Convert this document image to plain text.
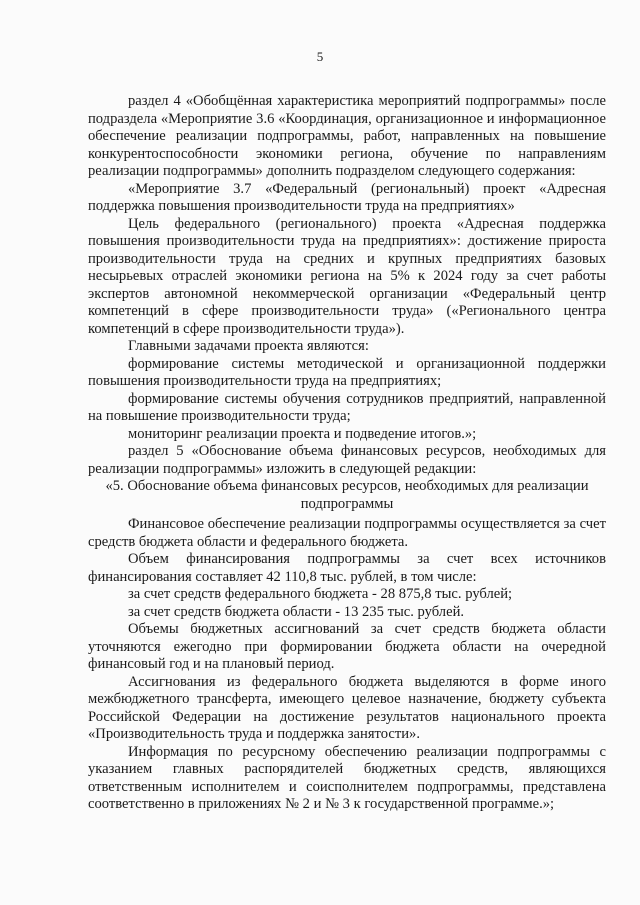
5

раздел 4 «Обобщённая характеристика мероприятий подпрограммы» после подраздела «Мероприятие 3.6 «Координация, организационное и информационное обеспечение реализации подпрограммы, работ, направленных на повышение конкурентоспособности экономики региона, обучение по направлениям реализации подпрограммы» дополнить подразделом следующего содержания:

«Мероприятие 3.7 «Федеральный (региональный) проект «Адресная поддержка повышения производительности труда на предприятиях»

Цель федерального (регионального) проекта «Адресная поддержка повышения производительности труда на предприятиях»: достижение прироста производительности труда на средних и крупных предприятиях базовых несырьевых отраслей экономики региона на 5% к 2024 году за счет работы экспертов автономной некоммерческой организации «Федеральный центр компетенций в сфере производительности труда» («Регионального центра компетенций в сфере производительности труда»).

Главными задачами проекта являются:

формирование системы методической и организационной поддержки повышения производительности труда на предприятиях;

формирование системы обучения сотрудников предприятий, направленной на повышение производительности труда;

мониторинг реализации проекта и подведение итогов.»;

раздел 5 «Обоснование объема финансовых ресурсов, необходимых для реализации подпрограммы» изложить в следующей редакции:

«5. Обоснование объема финансовых ресурсов, необходимых для реализации подпрограммы

Финансовое обеспечение реализации подпрограммы осуществляется за счет средств бюджета области и федерального бюджета.

Объем финансирования подпрограммы за счет всех источников финансирования составляет 42 110,8 тыс. рублей, в том числе:

за счет средств федерального бюджета - 28 875,8 тыс. рублей;

за счет средств бюджета области - 13 235 тыс. рублей.

Объемы бюджетных ассигнований за счет средств бюджета области уточняются ежегодно при формировании бюджета области на очередной финансовый год и на плановый период.

Ассигнования из федерального бюджета выделяются в форме иного межбюджетного трансферта, имеющего целевое назначение, бюджету субъекта Российской Федерации на достижение результатов национального проекта «Производительность труда и поддержка занятости».

Информация по ресурсному обеспечению реализации подпрограммы с указанием главных распорядителей бюджетных средств, являющихся ответственным исполнителем и соисполнителем подпрограммы, представлена соответственно в приложениях № 2 и № 3 к государственной программе.»;
